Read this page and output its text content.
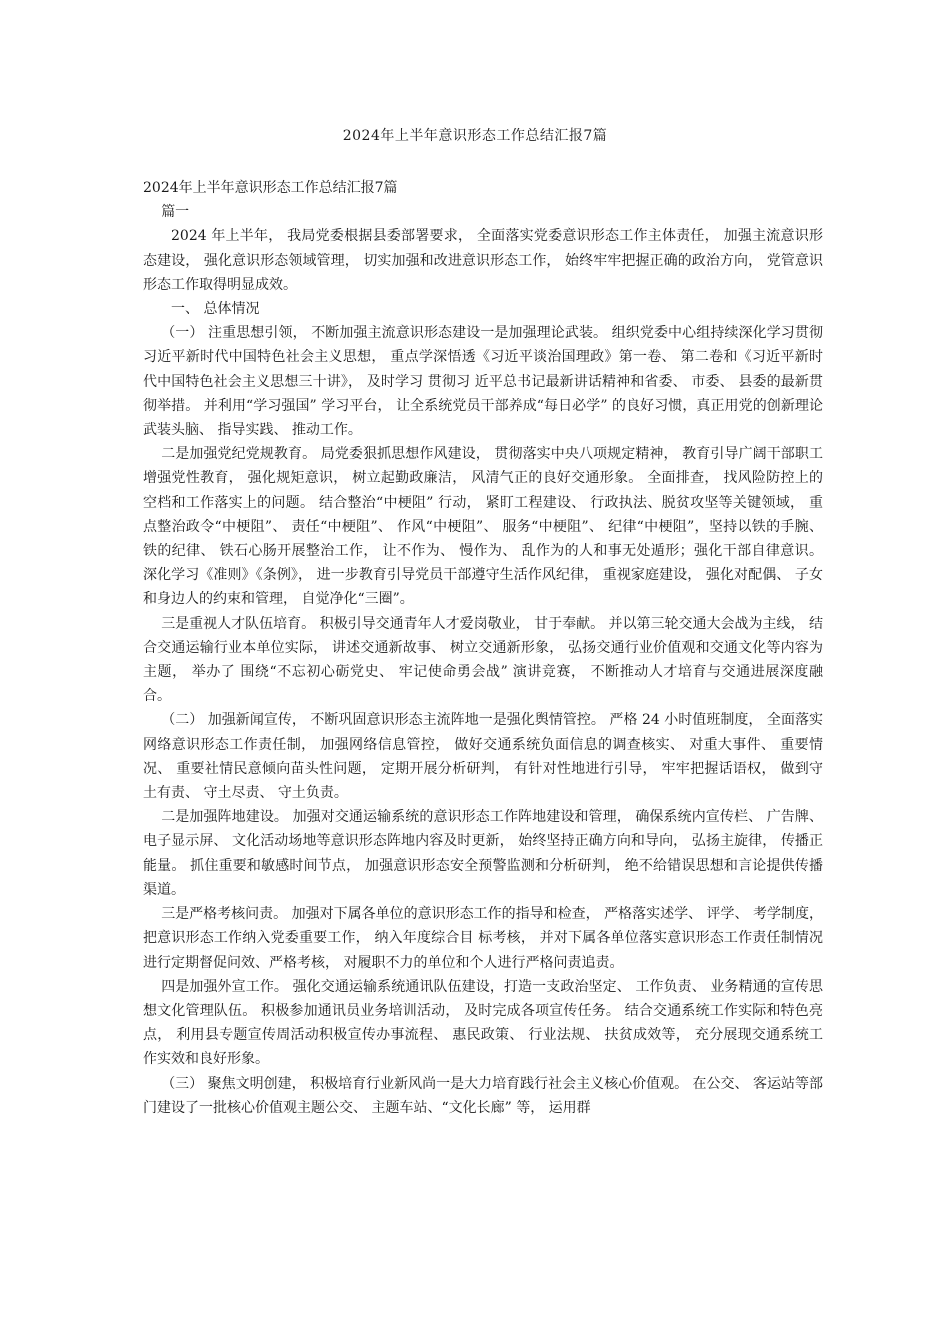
2024年上半年意识形态工作总结汇报7篇

2024年上半年意识形态工作总结汇报7篇

篇一

2024 年上半年， 我局党委根据县委部署要求， 全面落实党委意识形态工作主体责任， 加强主流意识形态建设， 强化意识形态领域管理， 切实加强和改进意识形态工作， 始终牢牢把握正确的政治方向， 党管意识形态工作取得明显成效。

一、 总体情况

（一） 注重思想引领， 不断加强主流意识形态建设一是加强理论武装。 组织党委中心组持续深化学习贯彻习近平新时代中国特色社会主义思想， 重点学深悟透《习近平谈治国理政》第一卷、 第二卷和《习近平新时代中国特色社会主义思想三十讲》， 及时学习 贯彻习 近平总书记最新讲话精神和省委、 市委、 县委的最新贯彻举措。 并利用“学习强国” 学习平台， 让全系统党员干部养成“每日必学” 的良好习惯，真正用党的创新理论武装头脑、 指导实践、 推动工作。

二是加强党纪党规教育。 局党委狠抓思想作风建设， 贯彻落实中央八项规定精神， 教育引导广阔干部职工增强党性教育， 强化规矩意识， 树立起勤政廉洁， 风清气正的良好交通形象。 全面排查， 找风险防控上的空档和工作落实上的问题。 结合整治“中梗阻” 行动， 紧盯工程建设、 行政执法、脱贫攻坚等关键领域， 重点整治政令“中梗阻”、 责任“中梗阻”、 作风“中梗阻”、 服务“中梗阻”、 纪律“中梗阻”，坚持以铁的手腕、 铁的纪律、 铁石心肠开展整治工作， 让不作为、 慢作为、 乱作为的人和事无处遁形；强化干部自律意识。 深化学习《准则》《条例》， 进一步教育引导党员干部遵守生活作风纪律， 重视家庭建设， 强化对配偶、 子女和身边人的约束和管理， 自觉净化“三圈”。

三是重视人才队伍培育。 积极引导交通青年人才爱岗敬业， 甘于奉献。 并以第三轮交通大会战为主线， 结合交通运输行业本单位实际， 讲述交通新故事、 树立交通新形象， 弘扬交通行业价值观和交通文化等内容为主题， 举办了 围绕“不忘初心砺党史、 牢记使命勇会战” 演讲竞赛， 不断推动人才培育与交通进展深度融合。

（二） 加强新闻宣传， 不断巩固意识形态主流阵地一是强化舆情管控。 严格 24 小时值班制度， 全面落实网络意识形态工作责任制， 加强网络信息管控， 做好交通系统负面信息的调查核实、 对重大事件、 重要情况、 重要社情民意倾向苗头性问题， 定期开展分析研判， 有针对性地进行引导， 牢牢把握话语权， 做到守土有责、 守土尽责、 守土负责。

二是加强阵地建设。 加强对交通运输系统的意识形态工作阵地建设和管理， 确保系统内宣传栏、 广告牌、 电子显示屏、 文化活动场地等意识形态阵地内容及时更新， 始终坚持正确方向和导向， 弘扬主旋律， 传播正能量。 抓住重要和敏感时间节点， 加强意识形态安全预警监测和分析研判， 绝不给错误思想和言论提供传播渠道。

三是严格考核问责。 加强对下属各单位的意识形态工作的指导和检查， 严格落实述学、 评学、 考学制度， 把意识形态工作纳入党委重要工作， 纳入年度综合目 标考核， 并对下属各单位落实意识形态工作责任制情况进行定期督促问效、严格考核， 对履职不力的单位和个人进行严格问责追责。

四是加强外宣工作。 强化交通运输系统通讯队伍建设，打造一支政治坚定、 工作负责、 业务精通的宣传思想文化管理队伍。 积极参加通讯员业务培训活动， 及时完成各项宣传任务。 结合交通系统工作实际和特色亮点， 利用县专题宣传周活动积极宣传办事流程、 惠民政策、 行业法规、 扶贫成效等， 充分展现交通系统工作实效和良好形象。

（三） 聚焦文明创建， 积极培育行业新风尚一是大力培育践行社会主义核心价值观。 在公交、 客运站等部门建设了一批核心价值观主题公交、 主题车站、“文化长廊” 等， 运用群
